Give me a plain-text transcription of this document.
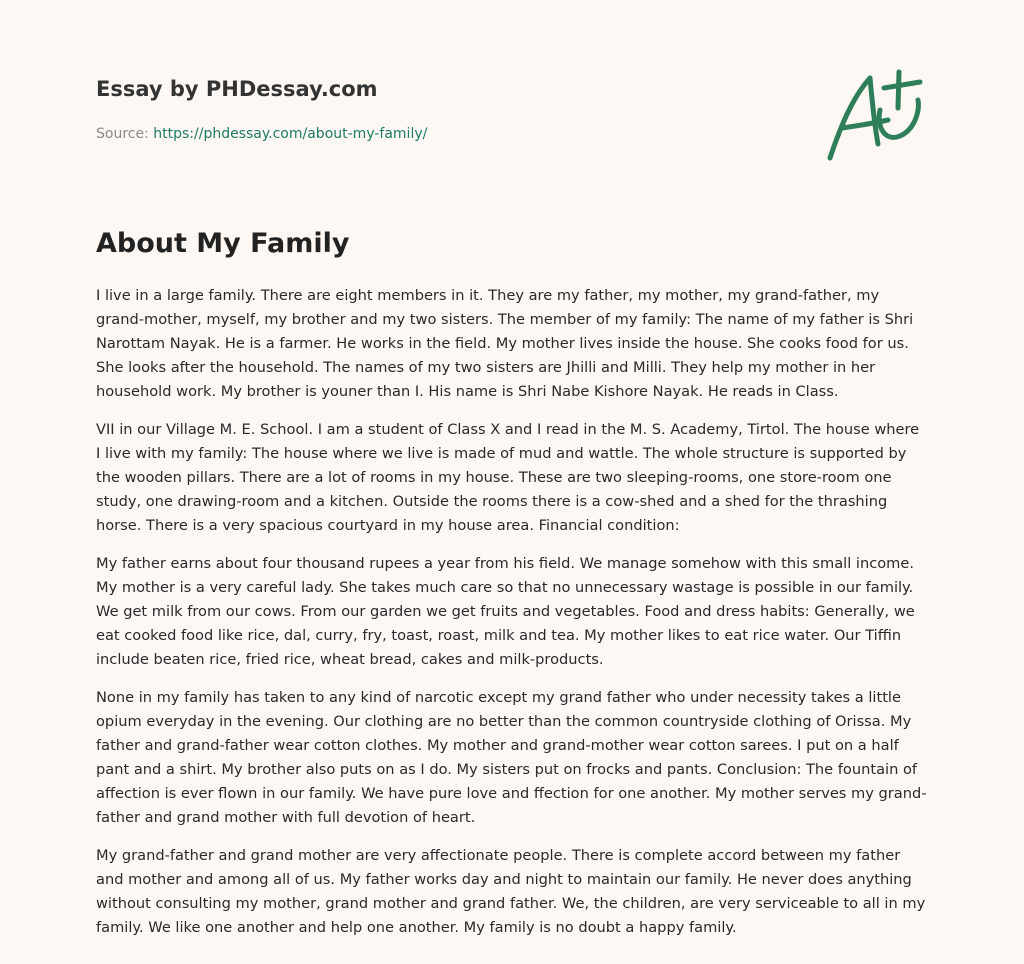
Essay by PHDessay.com
Source: https://phdessay.com/about-my-family/
About My Family

I live in a large family. There are eight members in it. They are my father, my mother, my grand-father, my grand-mother, myself, my brother and my two sisters. The member of my family: The name of my father is Shri Narottam Nayak. He is a farmer. He works in the field. My mother lives inside the house. She cooks food for us. She looks after the household. The names of my two sisters are Jhilli and Milli. They help my mother in her household work. My brother is youner than I. His name is Shri Nabe Kishore Nayak. He reads in Class.

VII in our Village M. E. School. I am a student of Class X and I read in the M. S. Academy, Tirtol. The house where I live with my family: The house where we live is made of mud and wattle. The whole structure is supported by the wooden pillars. There are a lot of rooms in my house. These are two sleeping-rooms, one store-room one study, one drawing-room and a kitchen. Outside the rooms there is a cow-shed and a shed for the thrashing horse. There is a very spacious courtyard in my house area. Financial condition:

My father earns about four thousand rupees a year from his field. We manage somehow with this small income. My mother is a very careful lady. She takes much care so that no unnecessary wastage is possible in our family. We get milk from our cows. From our garden we get fruits and vegetables. Food and dress habits: Generally, we eat cooked food like rice, dal, curry, fry, toast, roast, milk and tea. My mother likes to eat rice water. Our Tiffin include beaten rice, fried rice, wheat bread, cakes and milk-products.

None in my family has taken to any kind of narcotic except my grand father who under necessity takes a little opium everyday in the evening. Our clothing are no better than the common countryside clothing of Orissa. My father and grand-father wear cotton clothes. My mother and grand-mother wear cotton sarees. I put on a half pant and a shirt. My brother also puts on as I do. My sisters put on frocks and pants. Conclusion: The fountain of affection is ever flown in our family. We have pure love and ffection for one another. My mother serves my grand-father and grand mother with full devotion of heart.

My grand-father and grand mother are very affectionate people. There is complete accord between my father and mother and among all of us. My father works day and night to maintain our family. He never does anything without consulting my mother, grand mother and grand father. We, the children, are very serviceable to all in my family. We like one another and help one another. My family is no doubt a happy family.
